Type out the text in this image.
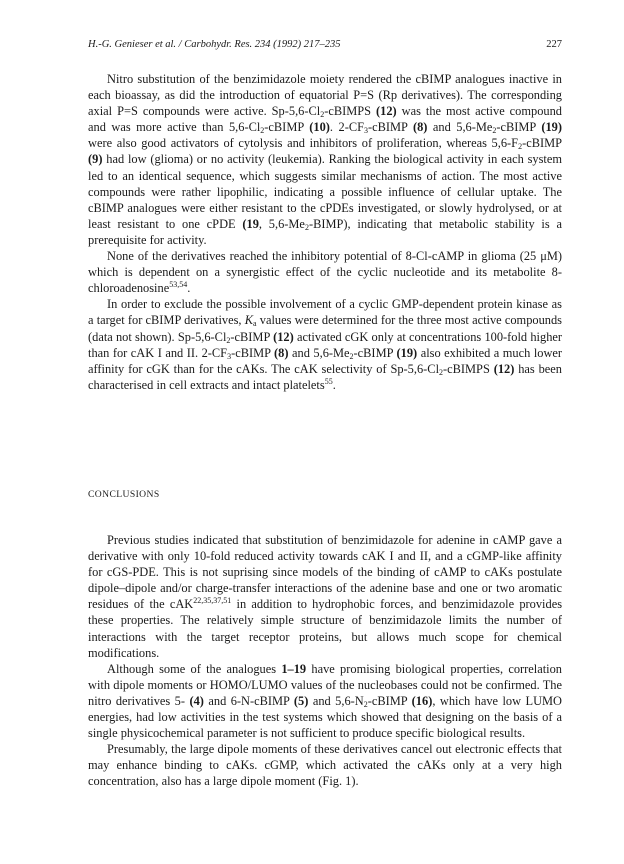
H.-G. Genieser et al. / Carbohydr. Res. 234 (1992) 217–235	227

Nitro substitution of the benzimidazole moiety rendered the cBIMP analogues inactive in each bioassay, as did the introduction of equatorial P=S (Rp derivatives). The corresponding axial P=S compounds were active. $Sp-5,6-Cl_2$-cBIMPS (12) was the most active compound and was more active than $5,6-Cl_2$-cBIMP (10). $2-CF_3$-cBIMP (8) and $5,6-Me_2$-cBIMP (19) were also good activators of cytolysis and inhibitors of proliferation, whereas $5,6-F_2$-cBIMP (9) had low (glioma) or no activity (leukemia). Ranking the biological activity in each system led to an identical sequence, which suggests similar mechanisms of action. The most active compounds were rather lipophilic, indicating a possible influence of cellular uptake. The cBIMP analogues were either resistant to the cPDEs investigated, or slowly hydrolysed, or at least resistant to one cPDE (19, $5,6-Me_2-BIMP$), indicating that metabolic stability is a prerequisite for activity.

None of the derivatives reached the inhibitory potential of 8-Cl-cAMP in glioma (25 μM) which is dependent on a synergistic effect of the cyclic nucleotide and its metabolite 8-chloroadenosine$^{53,54}$.

In order to exclude the possible involvement of a cyclic GMP-dependent protein kinase as a target for cBIMP derivatives, $K_a$ values were determined for the three most active compounds (data not shown). $Sp-5,6-Cl_2$-cBIMP (12) activated cGK only at concentrations 100-fold higher than for cAK I and II. $2-CF_3$-cBIMP (8) and $5,6-Me_2$-cBIMP (19) also exhibited a much lower affinity for cGK than for the cAKs. The cAK selectivity of $Sp-5,6-Cl_2$-cBIMPS (12) has been characterised in cell extracts and intact platelets$^{55}$.

CONCLUSIONS

Previous studies indicated that substitution of benzimidazole for adenine in cAMP gave a derivative with only 10-fold reduced activity towards cAK I and II, and a cGMP-like affinity for cGS-PDE. This is not suprising since models of the binding of cAMP to cAKs postulate dipole–dipole and/or charge-transfer interactions of the adenine base and one or two aromatic residues of the cAK$^{22,35,37,51}$ in addition to hydrophobic forces, and benzimidazole provides these properties. The relatively simple structure of benzimidazole limits the number of interactions with the target receptor proteins, but allows much scope for chemical modifications.

Although some of the analogues 1–19 have promising biological properties, correlation with dipole moments or HOMO/LUMO values of the nucleobases could not be confirmed. The nitro derivatives 5- (4) and 6-N-cBIMP (5) and $5,6-N_2$-cBIMP (16), which have low LUMO energies, had low activities in the test systems which showed that designing on the basis of a single physicochemical parameter is not sufficient to produce specific biological results.

Presumably, the large dipole moments of these derivatives cancel out electronic effects that may enhance binding to cAKs. cGMP, which activated the cAKs only at a very high concentration, also has a large dipole moment (Fig. 1).
